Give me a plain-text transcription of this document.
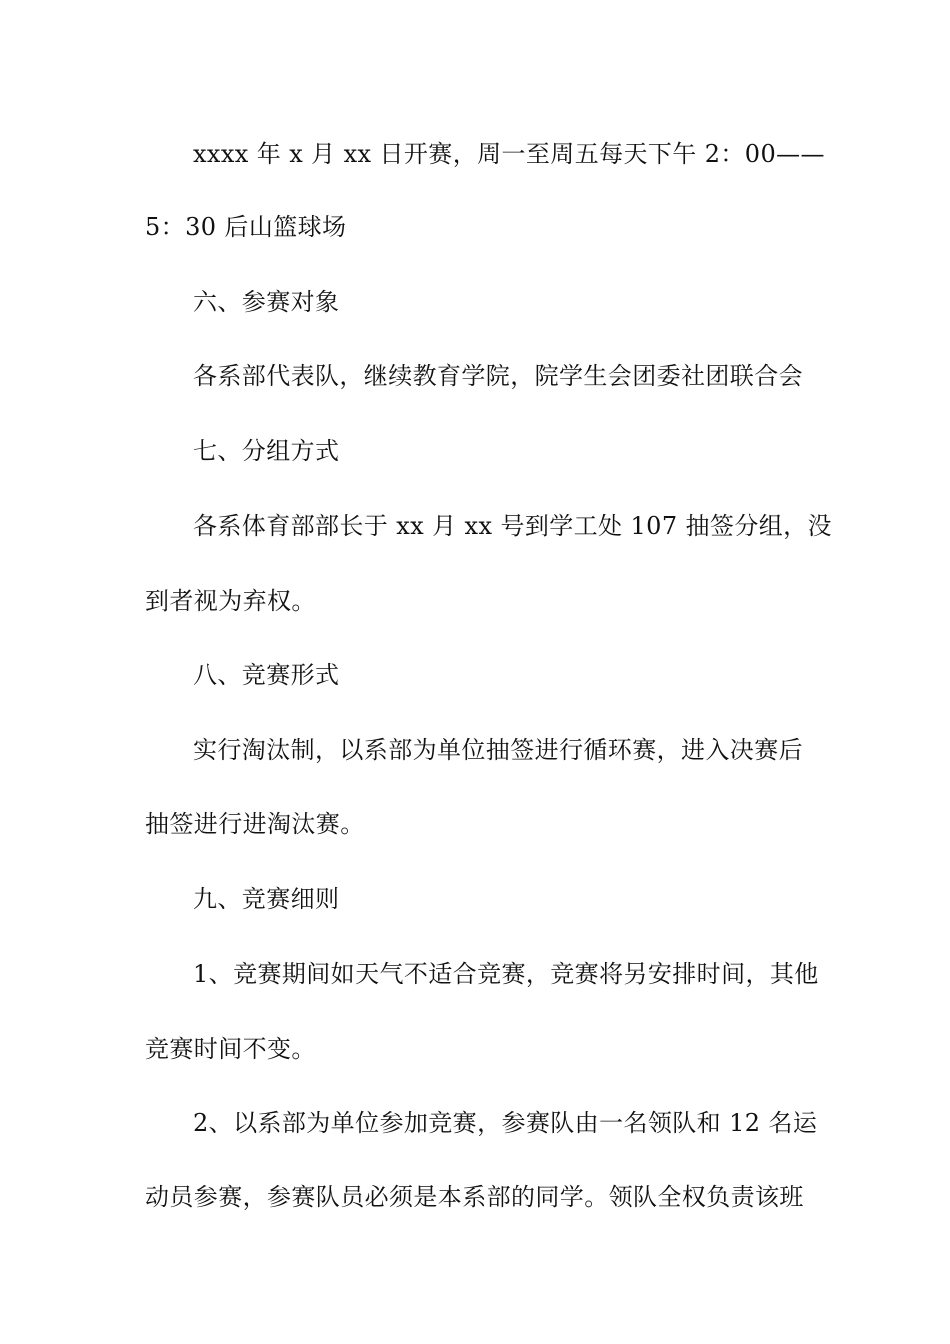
xxxx 年 x 月 xx 日开赛，周一至周五每天下午 2：00——

5：30 后山篮球场

六、参赛对象

各系部代表队，继续教育学院，院学生会团委社团联合会

七、分组方式

各系体育部部长于 xx 月 xx 号到学工处 107 抽签分组，没

到者视为弃权。

八、竞赛形式

实行淘汰制，以系部为单位抽签进行循环赛，进入决赛后

抽签进行进淘汰赛。

九、竞赛细则

1、竞赛期间如天气不适合竞赛，竞赛将另安排时间，其他

竞赛时间不变。

2、以系部为单位参加竞赛，参赛队由一名领队和 12 名运

动员参赛，参赛队员必须是本系部的同学。领队全权负责该班
